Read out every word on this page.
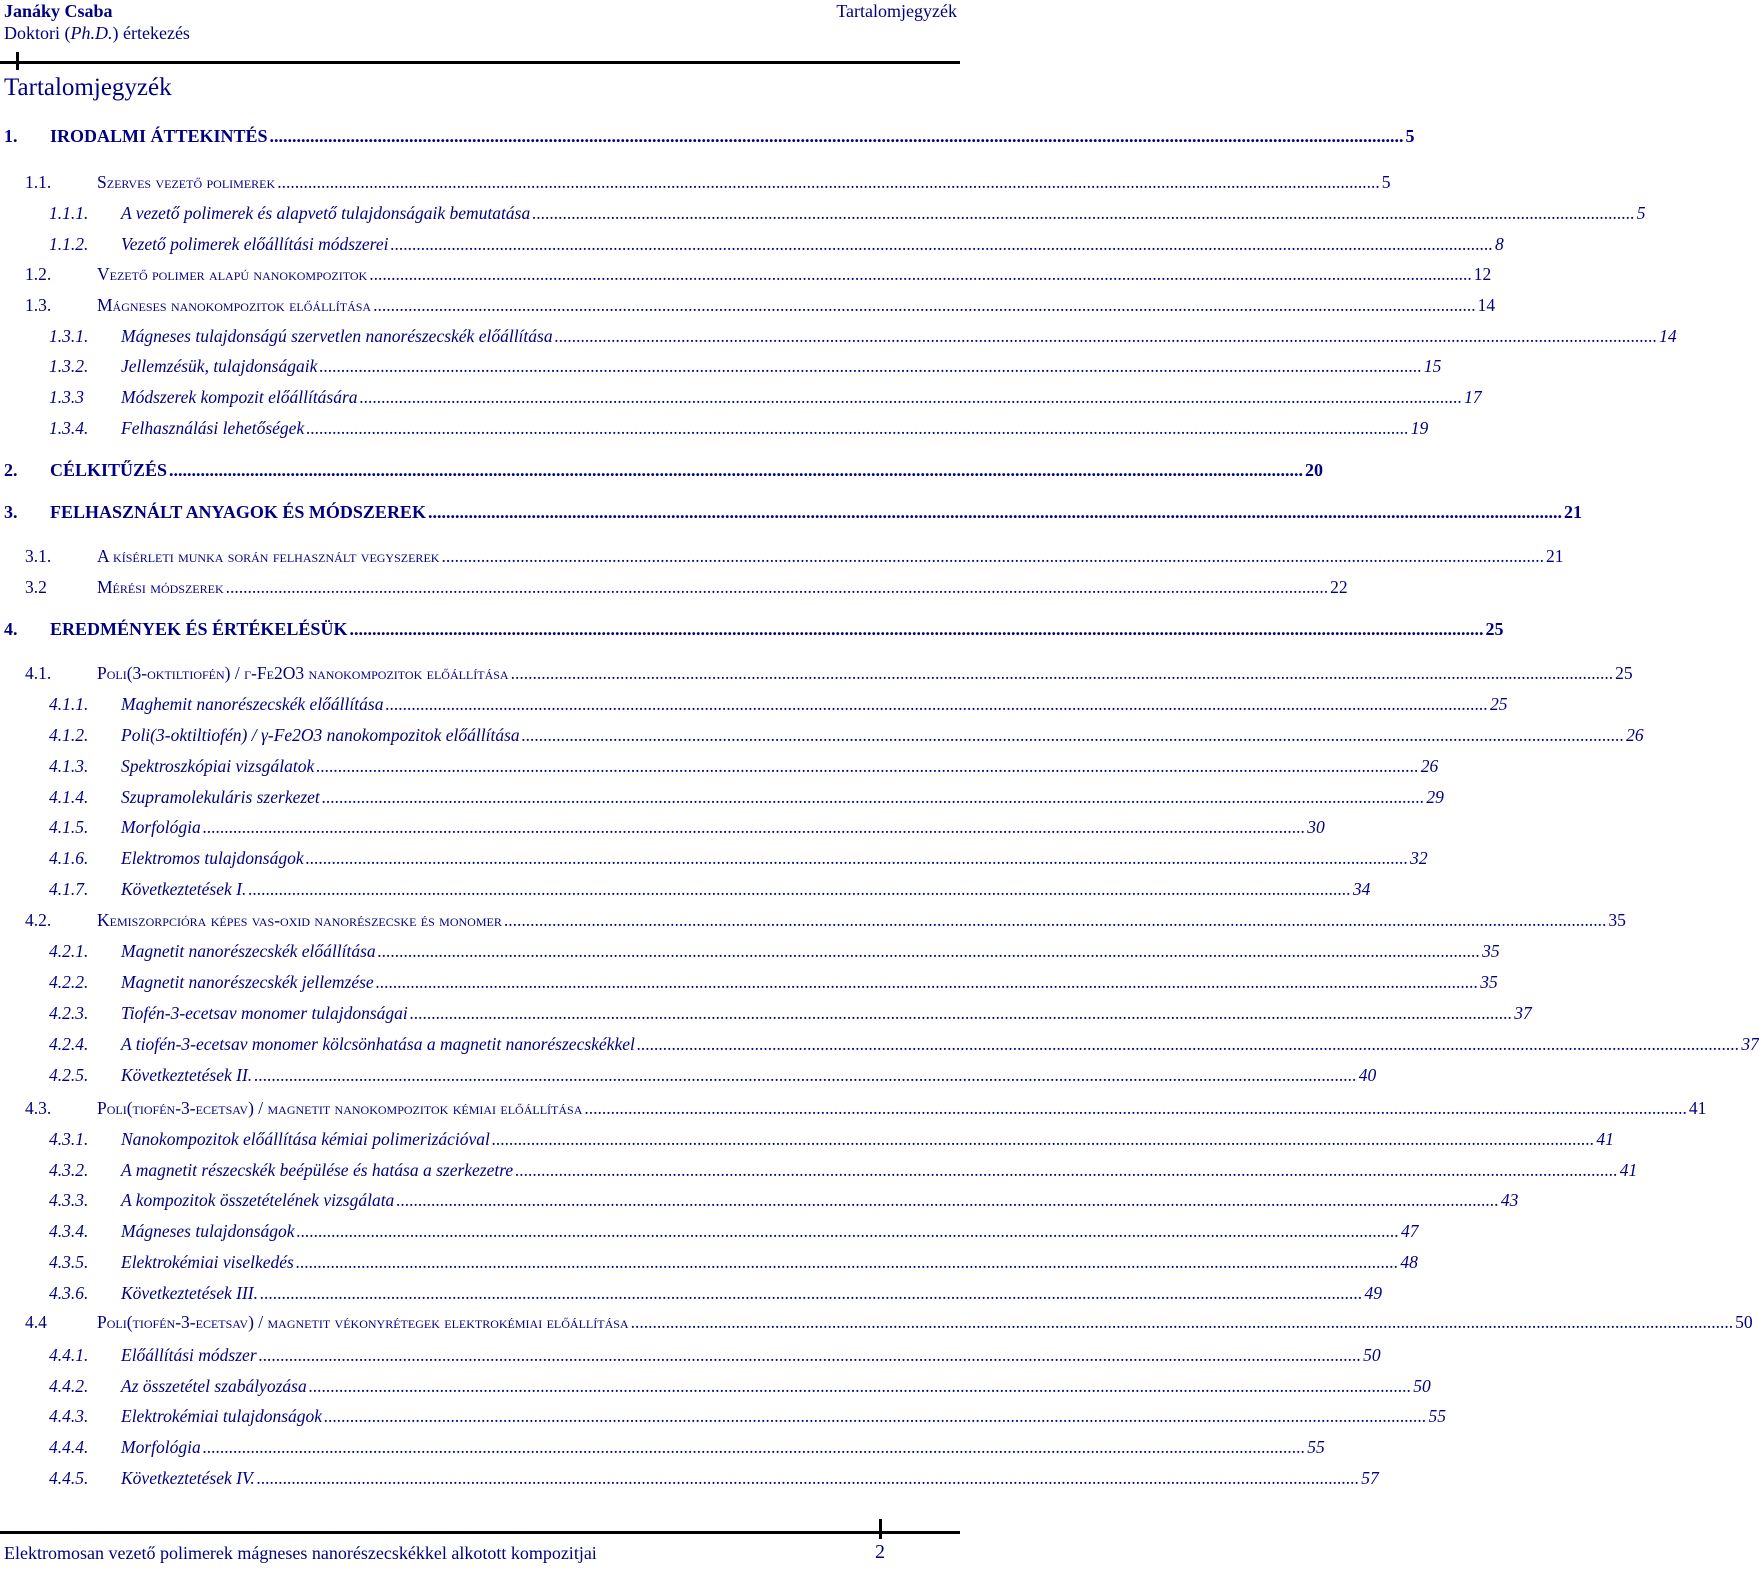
Janáky Csaba
Doktori (Ph.D.) értekezés
Tartalomjegyzék
Tartalomjegyzék
1.	IRODALMI ÁTTEKINTÉS .....	5
1.1.	Szerves vezető polimerek .....	5
1.1.1.	A vezető polimerek és alapvető tulajdonságaik bemutatása .....	5
1.1.2.	Vezető polimerek előállítási módszerei .....	8
1.2.	Vezető polimer alapú nanokompozitok .....	12
1.3.	Mágneses nanokompozitok előállítása .....	14
1.3.1.	Mágneses tulajdonságú szervetlen nanorészecskék előállítása .....	14
1.3.2.	Jellemzésük, tulajdonságaik .....	15
1.3.3	Módszerek kompozit előállítására .....	17
1.3.4.	Felhasználási lehetőségek .....	19
2.	CÉLKITŰZÉS .....	20
3.	FELHASZNÁLT ANYAGOK ÉS MÓDSZEREK .....	21
3.1.	A kísérleti munka során felhasznált vegyszerek .....	21
3.2	Mérési módszerek .....	22
4.	EREDMÉNYEK ÉS ÉRTÉKELÉSÜK .....	25
4.1.	Poli(3-oktiltiofén) / γ-Fe2O3 nanokompozitok előállítása .....	25
4.1.1.	Maghemit nanorészecskék előállítása .....	25
4.1.2.	Poli(3-oktiltiofén) / γ-Fe2O3 nanokompozitok előállítása .....	26
4.1.3.	Spektroszkópiai vizsgálatok .....	26
4.1.4.	Szupramolekuláris szerkezet .....	29
4.1.5.	Morfológia .....	30
4.1.6.	Elektromos tulajdonságok .....	32
4.1.7.	Következtetések I. .....	34
4.2.	Kemiszorpcióra képes vas-oxid nanorészecske és monomer .....	35
4.2.1.	Magnetit nanorészecskék előállítása .....	35
4.2.2.	Magnetit nanorészecskék jellemzése .....	35
4.2.3.	Tiofén-3-ecetsav monomer tulajdonságai .....	37
4.2.4.	A tiofén-3-ecetsav monomer kölcsönhatása a magnetit nanorészecskékkel .....	37
4.2.5.	Következtetések II. .....	40
4.3.	Poli(tiofén-3-ecetsav) / magnetit nanokompozitok kémiai előállítása .....	41
4.3.1.	Nanokompozitok előállítása kémiai polimerizációval .....	41
4.3.2.	A magnetit részecskék beépülése és hatása a szerkezetre .....	41
4.3.3.	A kompozitok összetételének vizsgálata .....	43
4.3.4.	Mágneses tulajdonságok .....	47
4.3.5.	Elektrokémiai viselkedés .....	48
4.3.6.	Következtetések III. .....	49
4.4	Poli(tiofén-3-ecetsav) / magnetit vékonyrétegek elektrokémiai előállítása .....	50
4.4.1.	Előállítási módszer .....	50
4.4.2.	Az összetétel szabályozása .....	50
4.4.3.	Elektrokémiai tulajdonságok .....	55
4.4.4.	Morfológia .....	55
4.4.5.	Következtetések IV. .....	57
Elektromosan vezető polimerek mágneses nanorészecskékkel alkotott kompozitjai	2
